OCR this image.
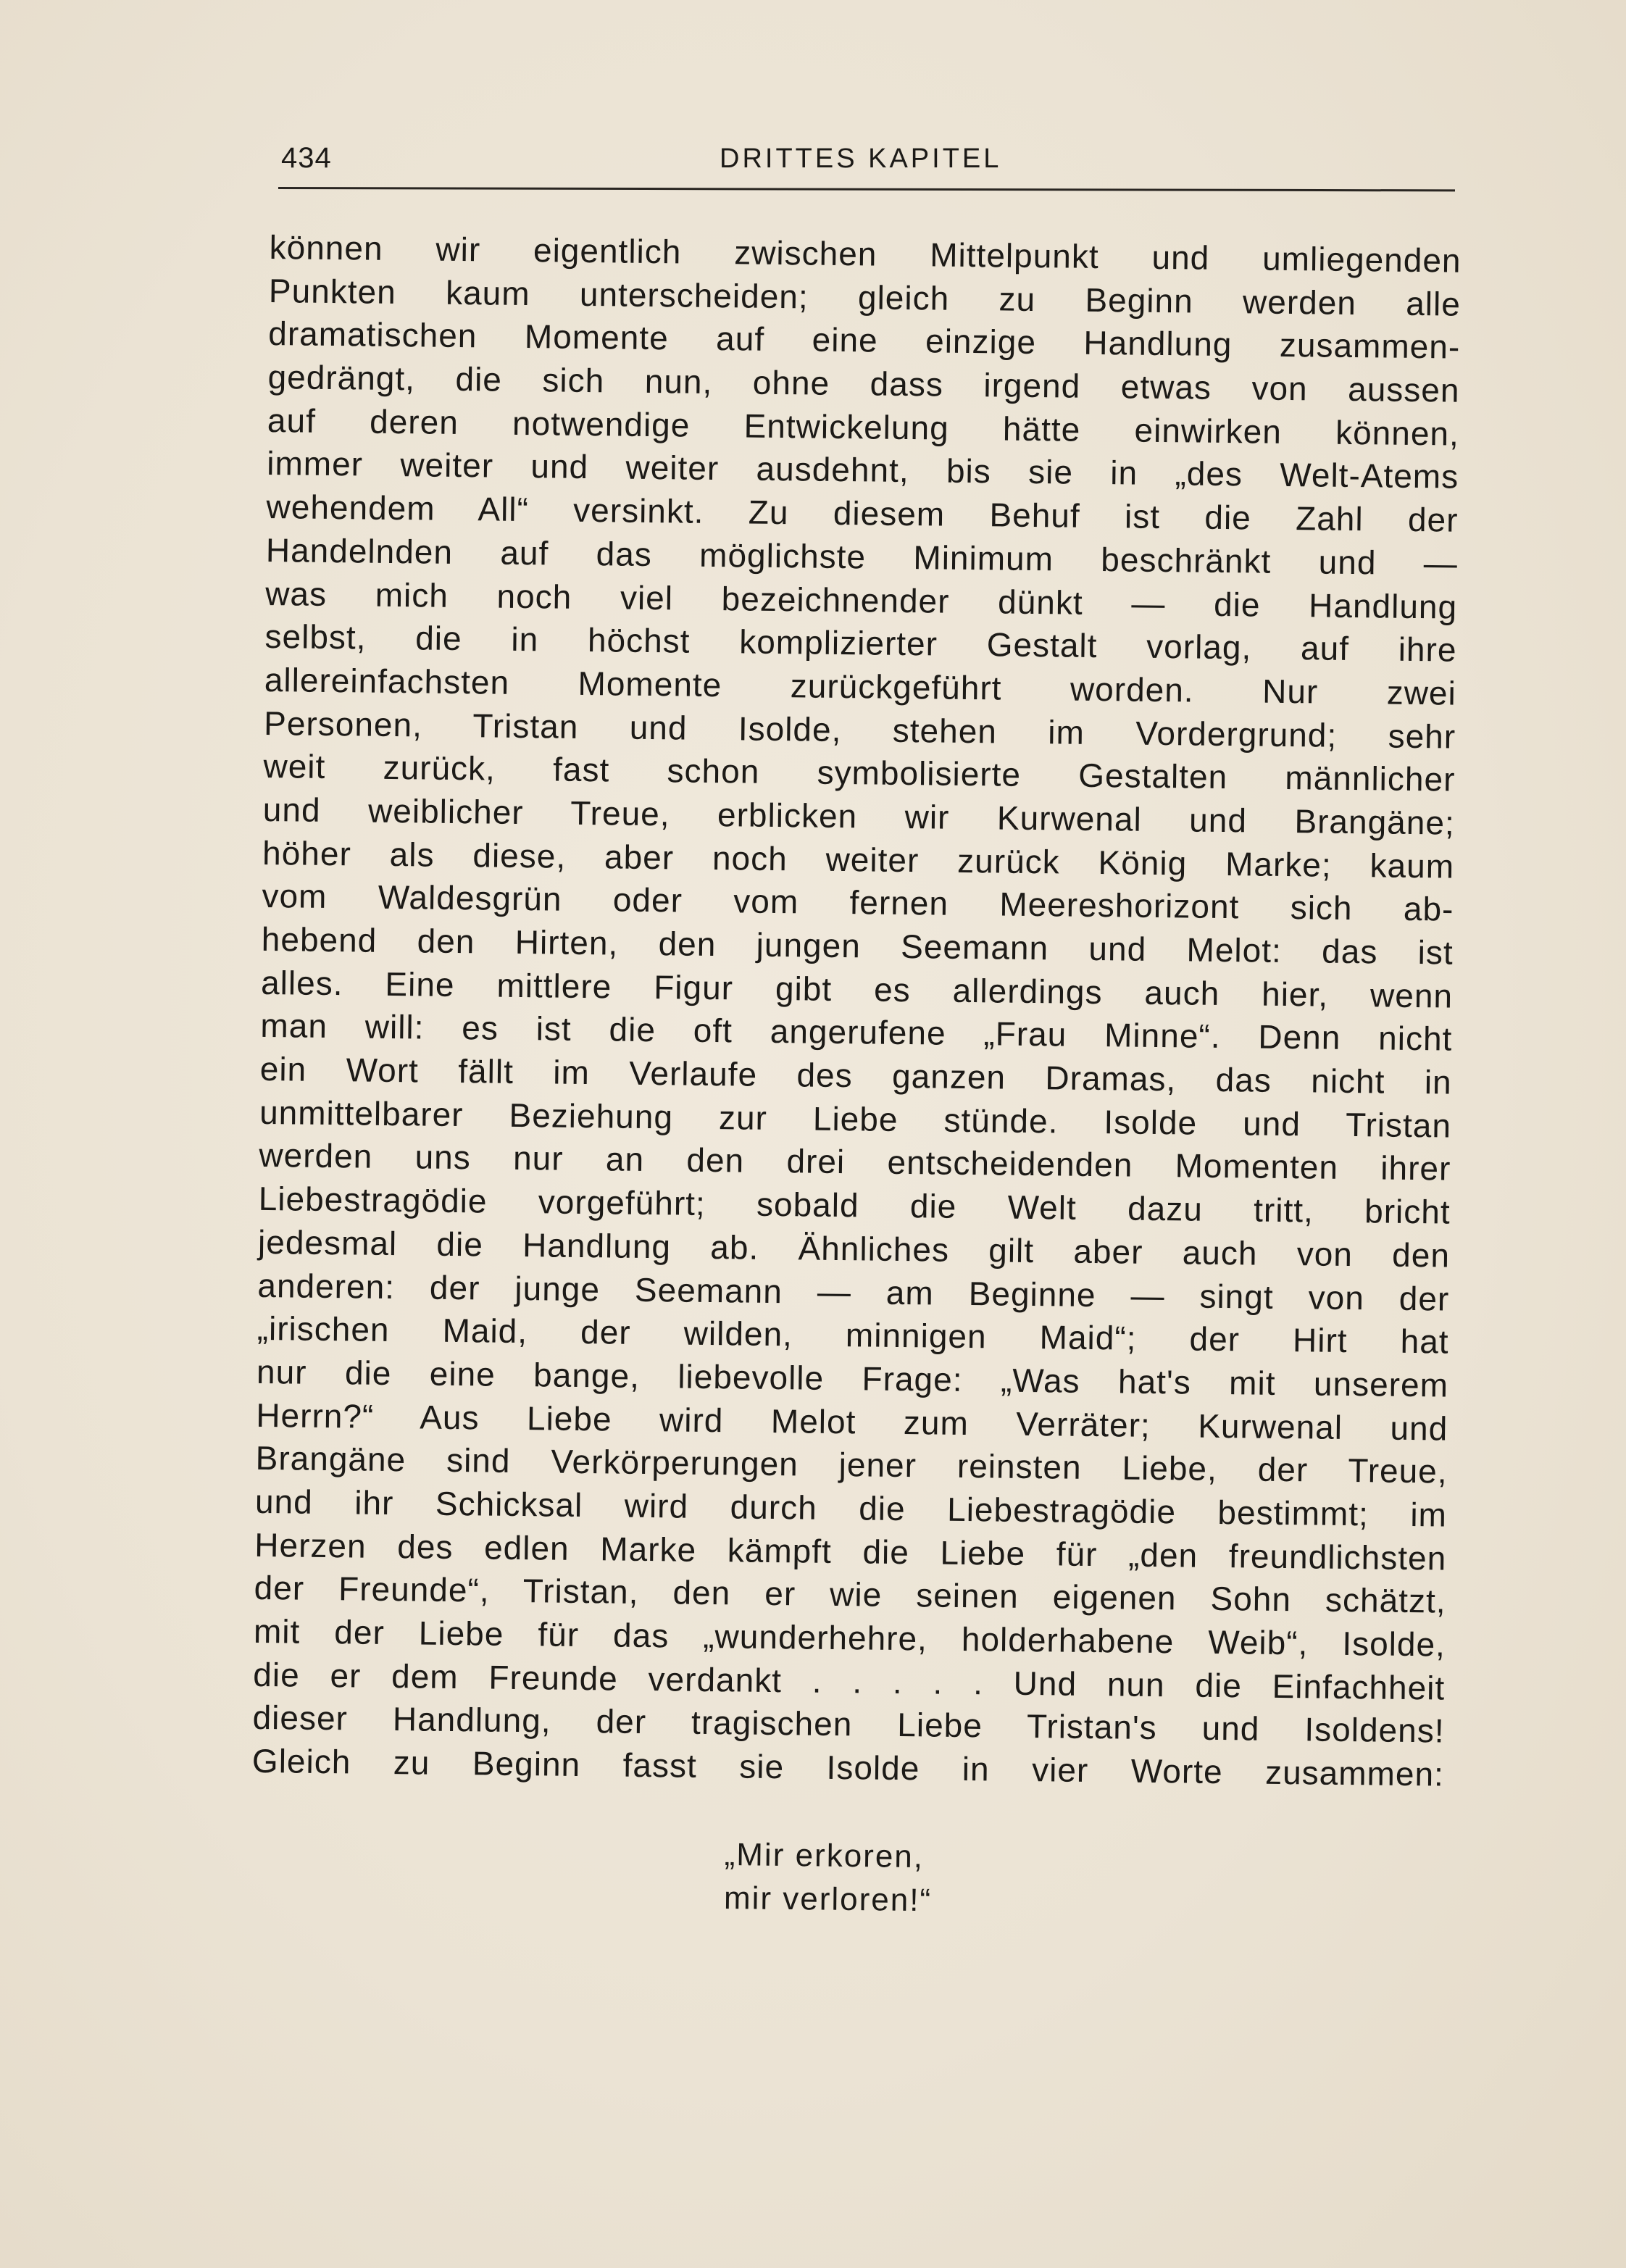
434	DRITTES KAPITEL
können wir eigentlich zwischen Mittelpunkt und umliegenden
Punkten kaum unterscheiden; gleich zu Beginn werden alle
dramatischen Momente auf eine einzige Handlung zusammen-
gedrängt, die sich nun, ohne dass irgend etwas von aussen
auf deren notwendige Entwickelung hätte einwirken können,
immer weiter und weiter ausdehnt, bis sie in „des Welt-Atems
wehendem All“ versinkt. Zu diesem Behuf ist die Zahl der
Handelnden auf das möglichste Minimum beschränkt und —
was mich noch viel bezeichnender dünkt — die Handlung
selbst, die in höchst komplizierter Gestalt vorlag, auf ihre
allereinfachsten Momente zurückgeführt worden. Nur zwei
Personen, Tristan und Isolde, stehen im Vordergrund; sehr
weit zurück, fast schon symbolisierte Gestalten männlicher
und weiblicher Treue, erblicken wir Kurwenal und Brangäne;
höher als diese, aber noch weiter zurück König Marke; kaum
vom Waldesgrün oder vom fernen Meereshorizont sich ab-
hebend den Hirten, den jungen Seemann und Melot: das ist
alles. Eine mittlere Figur gibt es allerdings auch hier, wenn
man will: es ist die oft angerufene „Frau Minne“. Denn nicht
ein Wort fällt im Verlaufe des ganzen Dramas, das nicht in
unmittelbarer Beziehung zur Liebe stünde. Isolde und Tristan
werden uns nur an den drei entscheidenden Momenten ihrer
Liebestragödie vorgeführt; sobald die Welt dazu tritt, bricht
jedesmal die Handlung ab. Ähnliches gilt aber auch von den
anderen: der junge Seemann — am Beginne — singt von der
„irischen Maid, der wilden, minnigen Maid“; der Hirt hat
nur die eine bange, liebevolle Frage: „Was hat's mit unserem
Herrn?“ Aus Liebe wird Melot zum Verräter; Kurwenal und
Brangäne sind Verkörperungen jener reinsten Liebe, der Treue,
und ihr Schicksal wird durch die Liebestragödie bestimmt; im
Herzen des edlen Marke kämpft die Liebe für „den freundlichsten
der Freunde“, Tristan, den er wie seinen eigenen Sohn schätzt,
mit der Liebe für das „wunderhehre, holderhabene Weib“, Isolde,
die er dem Freunde verdankt . . . . . Und nun die Einfachheit
dieser Handlung, der tragischen Liebe Tristan's und Isoldens!
Gleich zu Beginn fasst sie Isolde in vier Worte zusammen:
„Mir erkoren,
mir verloren!“
